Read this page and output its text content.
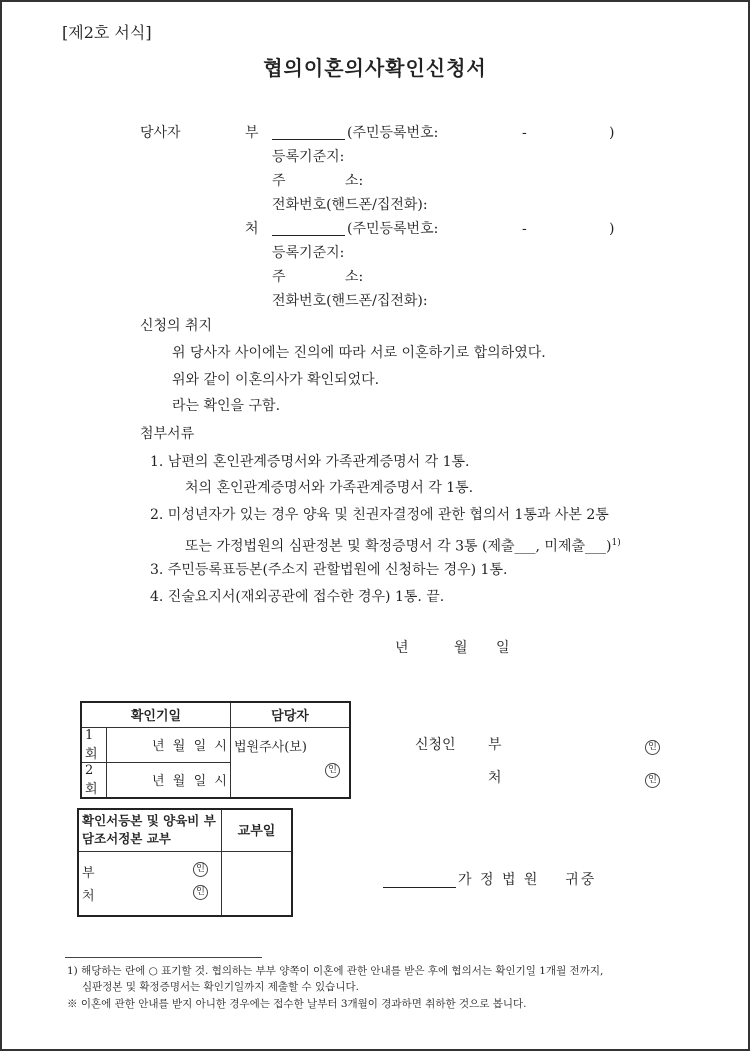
[제2호 서식]
협의이혼의사확인신청서
당사자	부	(주민등록번호:	-	)
등록기준지:
주	소:
전화번호(핸드폰/집전화):
처	(주민등록번호:	-	)
등록기준지:
주	소:
전화번호(핸드폰/집전화):
신청의 취지
위 당사자 사이에는 진의에 따라 서로 이혼하기로 합의하였다.
위와 같이 이혼의사가 확인되었다.
라는 확인을 구함.
첨부서류
1. 남편의 혼인관계증명서와 가족관계증명서 각 1통.
처의 혼인관계증명서와 가족관계증명서 각 1통.
2. 미성년자가 있는 경우 양육 및 친권자결정에 관한 협의서 1통과 사본 2통
또는 가정법원의 심판정본 및 확정증명서 각 3통 (제출___, 미제출___)$^{1)}$
3. 주민등록표등본(주소지 관할법원에 신청하는 경우) 1통.
4. 진술요지서(재외공관에 접수한 경우) 1통. 끝.
년	월 일
확인기일		담당자
1회	년  월  일  시	법원주사(보)
인

2회	년  월  일  시	
신청인 부	인
처	인
확인서등본 및 양육비 부담조서정본 교부	교부일

부 인
처 인	

가 정 법 원    귀중
1) 해당하는 란에 ○ 표기할 것. 협의하는 부부 양쪽이 이혼에 관한 안내를 받은 후에 협의서는 확인기일 1개월 전까지,
심판정본 및 확정증명서는 확인기일까지 제출할 수 있습니다.
※ 이혼에 관한 안내를 받지 아니한 경우에는 접수한 날부터 3개월이 경과하면 취하한 것으로 봅니다.
